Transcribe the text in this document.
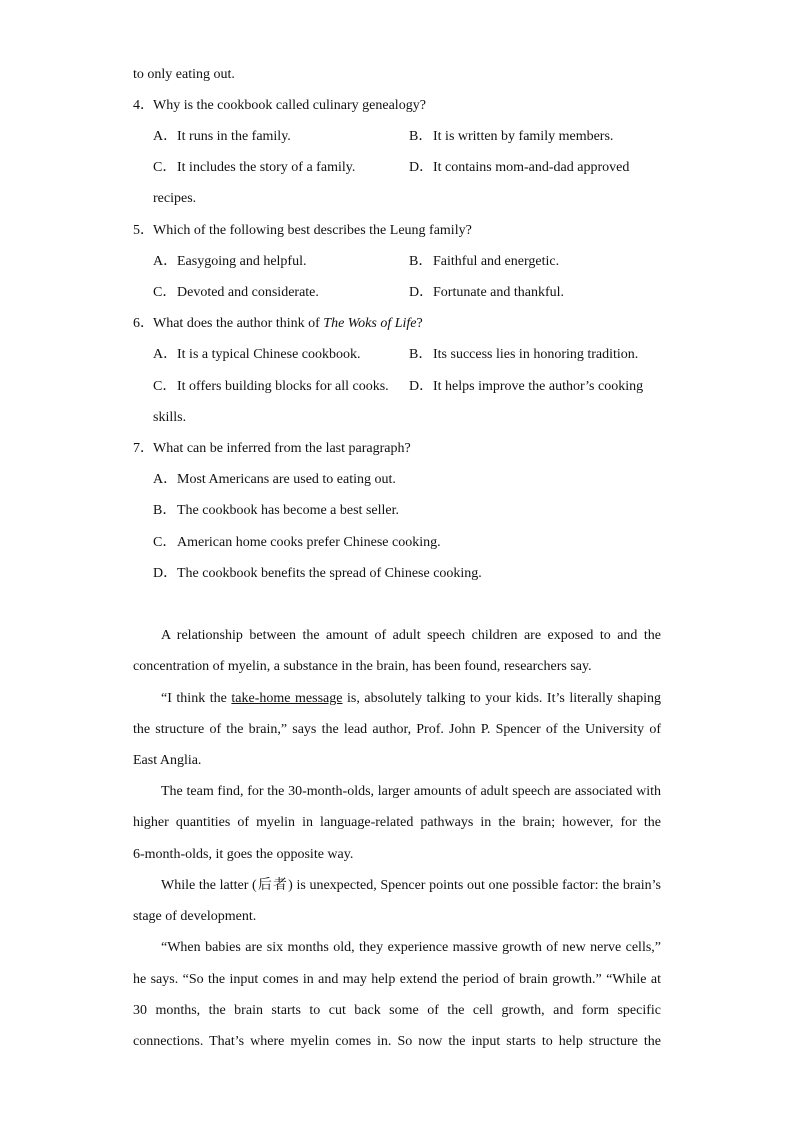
to only eating out.
4．Why is the cookbook called culinary genealogy?
A．It runs in the family.	B．It is written by family members.
C．It includes the story of a family.	D．It contains mom-and-dad approved
recipes.
5．Which of the following best describes the Leung family?
A．Easygoing and helpful.	B．Faithful and energetic.
C．Devoted and considerate.	D．Fortunate and thankful.
6．What does the author think of The Woks of Life?
A．It is a typical Chinese cookbook.	B．Its success lies in honoring tradition.
C．It offers building blocks for all cooks. D．It helps improve the author’s cooking
skills.
7．What can be inferred from the last paragraph?
A．Most Americans are used to eating out.
B．The cookbook has become a best seller.
C．American home cooks prefer Chinese cooking.
D．The cookbook benefits the spread of Chinese cooking.
A relationship between the amount of adult speech children are exposed to and the
concentration of myelin, a substance in the brain, has been found, researchers say.
“I think the take-home message is, absolutely talking to your kids. It’s literally shaping
the structure of the brain,” says the lead author, Prof. John P. Spencer of the University of
East Anglia.
The team find, for the 30-month-olds, larger amounts of adult speech are associated with
higher quantities of myelin in language-related pathways in the brain; however, for the
6-month-olds, it goes the opposite way.
While the latter (后者) is unexpected, Spencer points out one possible factor: the brain’s
stage of development.
“When babies are six months old, they experience massive growth of new nerve cells,”
he says. “So the input comes in and may help extend the period of brain growth.” “While at
30 months, the brain starts to cut back some of the cell growth, and form specific
connections. That’s where myelin comes in. So now the input starts to help structure the
